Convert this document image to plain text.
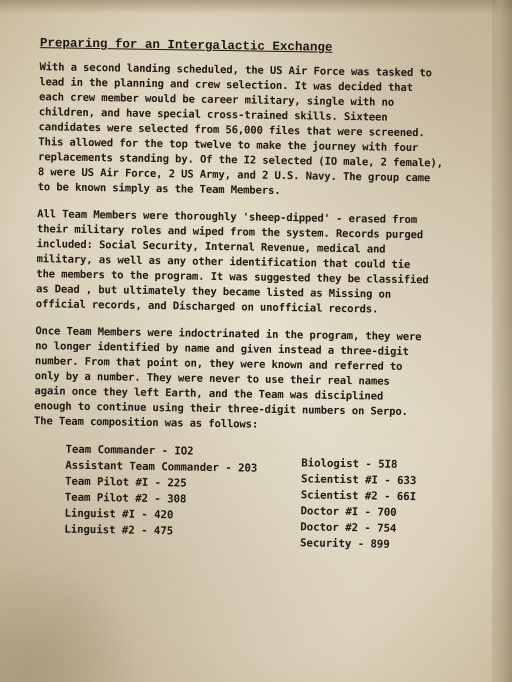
Preparing for an Intergalactic Exchange
With a second landing scheduled, the US Air Force was tasked to
lead in the planning and crew selection. It was decided that
each crew member would be career military, single with no
children, and have special cross-trained skills. Sixteen
candidates were selected from 56,000 files that were screened.
This allowed for the top twelve to make the journey with four
replacements standing by. Of the I2 selected (IO male, 2 female),
8 were US Air Force, 2 US Army, and 2 U.S. Navy. The group came
to be known simply as the Team Members.
All Team Members were thoroughly 'sheep-dipped' - erased from
their military roles and wiped from the system. Records purged
included: Social Security, Internal Revenue, medical and
military, as well as any other identification that could tie
the members to the program. It was suggested they be classified
as Dead , but ultimately they became listed as Missing on
official records, and Discharged on unofficial records.
Once Team Members were indoctrinated in the program, they were
no longer identified by name and given instead a three-digit
number. From that point on, they were known and referred to
only by a number. They were never to use their real names
again once they left Earth, and the Team was disciplined
enough to continue using their three-digit numbers on Serpo.
The Team composition was as follows:
Team Commander - IO2
Assistant Team Commander - 203
Team Pilot #I - 225
Team Pilot #2 - 308
Linguist #I - 420
Linguist #2 - 475
Biologist - 5I8
Scientist #I - 633
Scientist #2 - 66I
Doctor #I - 700
Doctor #2 - 754
Security - 899
